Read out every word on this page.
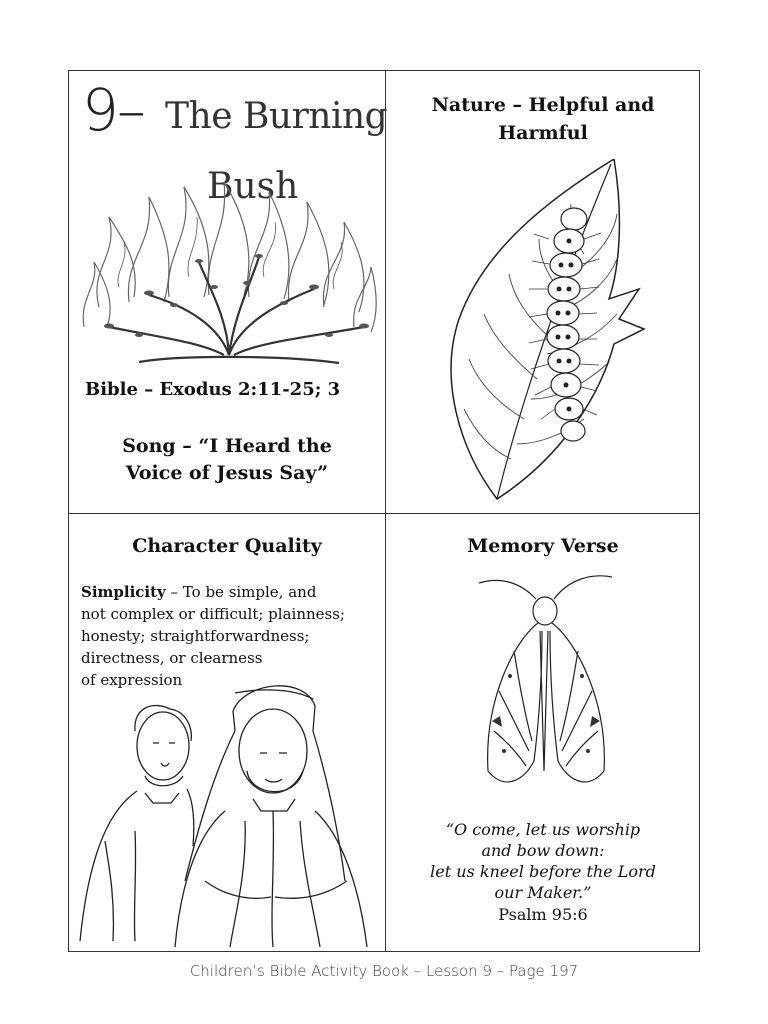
9– The Burning
Bush
Bible – Exodus 2:11-25; 3
Song – “I Heard the
Voice of Jesus Say”
Nature – Helpful and
Harmful
Character Quality
Simplicity – To be simple, and
not complex or difficult; plainness;
honesty; straightforwardness;
directness, or clearness
of expression
Memory Verse
“O come, let us worship
and bow down:
let us kneel before the Lord
our Maker.”
Psalm 95:6
Children’s Bible Activity Book – Lesson 9 – Page 197
